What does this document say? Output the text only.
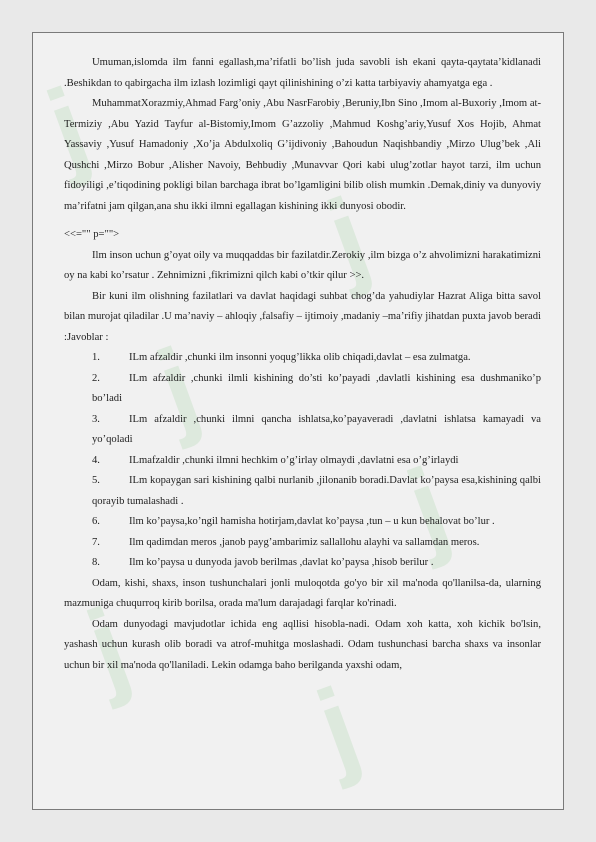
j
j
j
j
j
j

Umuman,islomda ilm fanni egallash,ma’rifatli bo’lish juda savobli ish ekani qayta-qaytata’kidlanadi .Beshikdan to qabirgacha ilm izlash lozimligi qayt qilinishining o’zi katta tarbiyaviy ahamyatga ega .

MuhammatXorazmiy,Ahmad Farg’oniy ,Abu NasrFarobiy ,Beruniy,Ibn Sino ,Imom al-Buxoriy ,Imom at-Termiziy ,Abu Yazid Tayfur al-Bistomiy,Imom G’azzoliy ,Mahmud Koshg’ariy,Yusuf Xos Hojib, Ahmat Yassaviy ,Yusuf Hamadoniy ,Xo’ja Abdulxoliq G’ijdivoniy ,Bahoudun Naqishbandiy ,Mirzo Ulug’bek ,Ali Qushchi ,Mirzo Bobur ,Alisher Navoiy, Behbudiy ,Munavvar Qori kabi ulug’zotlar hayot tarzi, ilm uchun fidoyiligi ,e’tiqodining pokligi bilan barchaga ibrat bo’lgamligini bilib olish mumkin .Demak,diniy va dunyoviy ma’rifatni jam qilgan,ana shu ikki ilmni egallagan kishining ikki dunyosi obodir.

<<="" p="">

Ilm inson uchun g’oyat oily va muqqaddas bir fazilatdir.Zerokiy ,ilm bizga o’z ahvolimizni harakatimizni oy na kabi ko’rsatur . Zehnimizni ,fikrimizni qilch kabi o’tkir qilur >>.

Bir kuni ilm olishning fazilatlari va davlat haqidagi suhbat chog’da yahudiylar Hazrat Aliga bitta savol bilan murojat qiladilar .U ma’naviy – ahloqiy ,falsafiy – ijtimoiy ,madaniy –ma’rifiy jihatdan puxta javob beradi :Javoblar :

1.	ILm afzaldir ,chunki ilm insonni yoqug’likka olib chiqadi,davlat – esa zulmatga.
2.	ILm afzaldir ,chunki ilmli kishining do’sti ko’payadi ,davlatli kishining esa dushmaniko’p bo’ladi
3.	ILm afzaldir ,chunki ilmni qancha ishlatsa,ko’payaveradi ,davlatni ishlatsa kamayadi va yo’qoladi
4.	ILmafzaldir ,chunki ilmni hechkim o’g’irlay olmaydi ,davlatni esa o’g’irlaydi
5.	ILm kopaygan sari kishining qalbi nurlanib ,jilonanib boradi.Davlat ko’paysa esa,kishining qalbi qorayib tumalashadi .
6.	Ilm ko’paysa,ko’ngil hamisha hotirjam,davlat ko’paysa ,tun – u kun behalovat bo’lur .
7.	Ilm qadimdan meros ,janob payg’ambarimiz sallallohu alayhi va sallamdan meros.
8.	Ilm ko’paysa u dunyoda javob berilmas ,davlat ko’paysa ,hisob berilur .

Odam, kishi, shaxs, inson tushunchalari jonli muloqotda go'yo bir xil ma'noda qo'llanilsa-da, ularning mazmuniga chuqurroq kirib borilsa, orada ma'lum darajadagi farqlar ko'rinadi.

Odam dunyodagi mavjudotlar ichida eng aqllisi hisobla-nadi. Odam xoh katta, xoh kichik bo'lsin, yashash uchun kurash olib boradi va atrof-muhitga moslashadi. Odam tushunchasi barcha shaxs va insonlar uchun bir xil ma'noda qo'llaniladi. Lekin odamga baho berilganda yaxshi odam,
